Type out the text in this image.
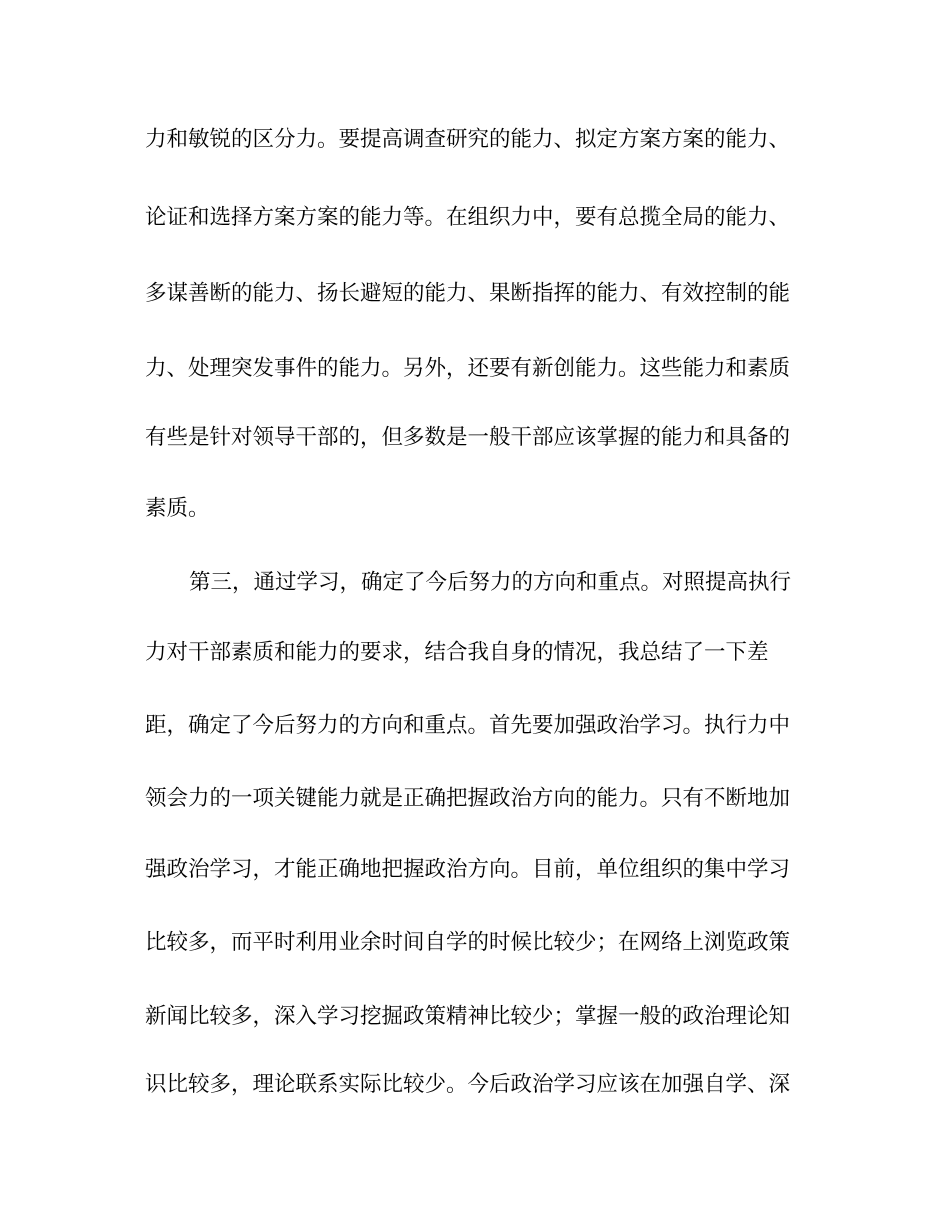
力和敏锐的区分力。要提高调查研究的能力、拟定方案方案的能力、
论证和选择方案方案的能力等。在组织力中，要有总揽全局的能力、
多谋善断的能力、扬长避短的能力、果断指挥的能力、有效控制的能
力、处理突发事件的能力。另外，还要有新创能力。这些能力和素质
有些是针对领导干部的，但多数是一般干部应该掌握的能力和具备的
素质。
第三，通过学习，确定了今后努力的方向和重点。对照提高执行
力对干部素质和能力的要求，结合我自身的情况，我总结了一下差
距，确定了今后努力的方向和重点。首先要加强政治学习。执行力中
领会力的一项关键能力就是正确把握政治方向的能力。只有不断地加
强政治学习，才能正确地把握政治方向。目前，单位组织的集中学习
比较多，而平时利用业余时间自学的时候比较少；在网络上浏览政策
新闻比较多，深入学习挖掘政策精神比较少；掌握一般的政治理论知
识比较多，理论联系实际比较少。今后政治学习应该在加强自学、深
